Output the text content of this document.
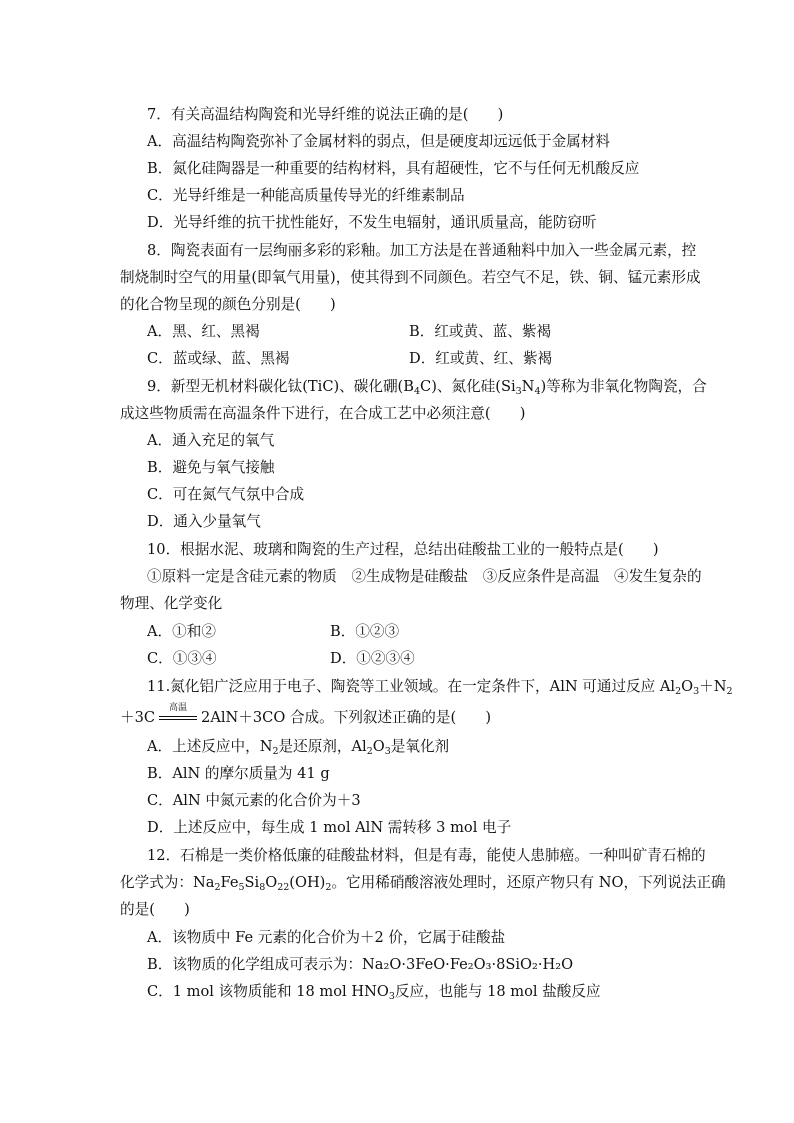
7．有关高温结构陶瓷和光导纤维的说法正确的是(　　)
A．高温结构陶瓷弥补了金属材料的弱点，但是硬度却远远低于金属材料
B．氮化硅陶器是一种重要的结构材料，具有超硬性，它不与任何无机酸反应
C．光导纤维是一种能高质量传导光的纤维素制品
D．光导纤维的抗干扰性能好，不发生电辐射，通讯质量高，能防窃听
8．陶瓷表面有一层绚丽多彩的彩釉。加工方法是在普通釉料中加入一些金属元素，控
制烧制时空气的用量(即氧气用量)，使其得到不同颜色。若空气不足，铁、铜、锰元素形成
的化合物呈现的颜色分别是(　　)
A．黑、红、黑褐	B．红或黄、蓝、紫褐
C．蓝或绿、蓝、黑褐	D．红或黄、红、紫褐
9．新型无机材料碳化钛(TiC)、碳化硼$(B_4C)$、氮化硅$(Si_3N_4)$等称为非氧化物陶瓷，合
成这些物质需在高温条件下进行，在合成工艺中必须注意(　　)
A．通入充足的氧气
B．避免与氧气接触
C．可在氮气气氛中合成
D．通入少量氧气
10．根据水泥、玻璃和陶瓷的生产过程，总结出硅酸盐工业的一般特点是(　　)
①原料一定是含硅元素的物质　②生成物是硅酸盐　③反应条件是高温　④发生复杂的
物理、化学变化
A．①和②	B．①②③
C．①③④	D．①②③④
11.氮化铝广泛应用于电子、陶瓷等工业领域。在一定条件下，AlN 可通过反应 $Al_2O_3+N_2$
＋3C
高温
2AlN＋3CO 合成。下列叙述正确的是(　　)
A．上述反应中，$N_2$是还原剂，$Al_2O_3$是氧化剂
B．AlN 的摩尔质量为 41 g
C．AlN 中氮元素的化合价为＋3
D．上述反应中，每生成 1 mol AlN 需转移 3 mol 电子
12．石棉是一类价格低廉的硅酸盐材料，但是有毒，能使人患肺癌。一种叫矿青石棉的
化学式为：$Na_2Fe_5Si_8O_{22}(OH)_2$。它用稀硝酸溶液处理时，还原产物只有 NO，下列说法正确
的是(　　)
A．该物质中 Fe 元素的化合价为＋2 价，它属于硅酸盐
B．该物质的化学组成可表示为：Na₂O·3FeO·Fe₂O₃·8SiO₂·H₂O
C．1 mol 该物质能和 18 mol $HNO_3$反应，也能与 18 mol 盐酸反应
